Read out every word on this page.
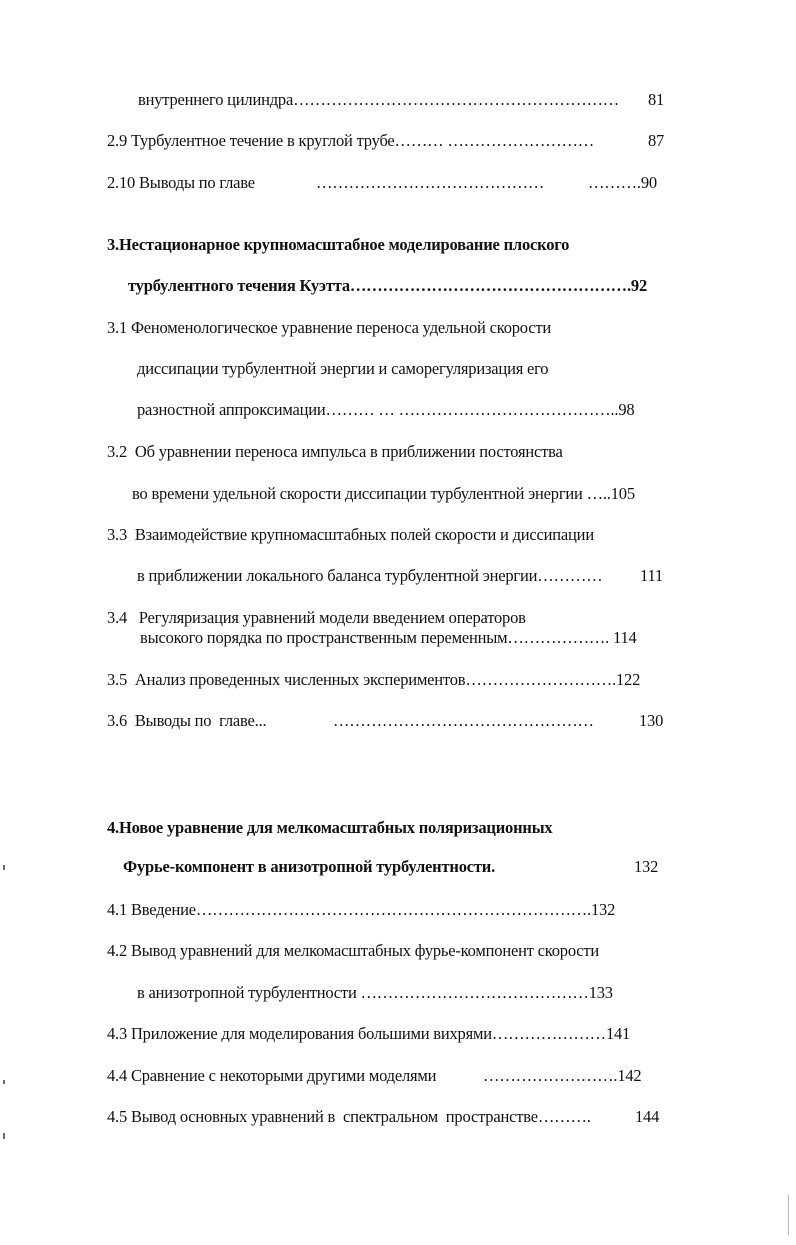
внутреннего цилиндра…………………………………………………… 81
2.9 Турбулентное течение в круглой трубе……… ………………………	87
2.10 Выводы по главе	……………………………………	……….90
3.Нестационарное крупномасштабное моделирование плоского
турбулентного течения Куэтта…………………………………………….92
3.1 Феноменологическое уравнение переноса удельной скорости
диссипации турбулентной энергии и саморегуляризация его
разностной аппроксимации……… … …………………………………..98
3.2  Об уравнении переноса импульса в приближении постоянства
во времени удельной скорости диссипации турбулентной энергии …..105
3.3  Взаимодействие крупномасштабных полей скорости и диссипации
в приближении локального баланса турбулентной энергии………… 111
3.4   Регуляризация уравнений модели введением операторов
высокого порядка по пространственным переменным………………. 114
3.5  Анализ проведенных численных экспериментов……………………….122
3.6  Выводы по  главе...	…………………………………………	130
4.Новое уравнение для мелкомасштабных поляризационных
Фурье-компонент в анизотропной турбулентности.	132
4.1 Введение……………………………………………………………….132
4.2 Вывод уравнений для мелкомасштабных фурье-компонент скорости
в анизотропной турбулентности ……………………………………133
4.3 Приложение для моделирования большими вихрями…………………141
4.4 Сравнение с некоторыми другими моделями	…………………….142
4.5 Вывод основных уравнений в  спектральном  пространстве……….	144
